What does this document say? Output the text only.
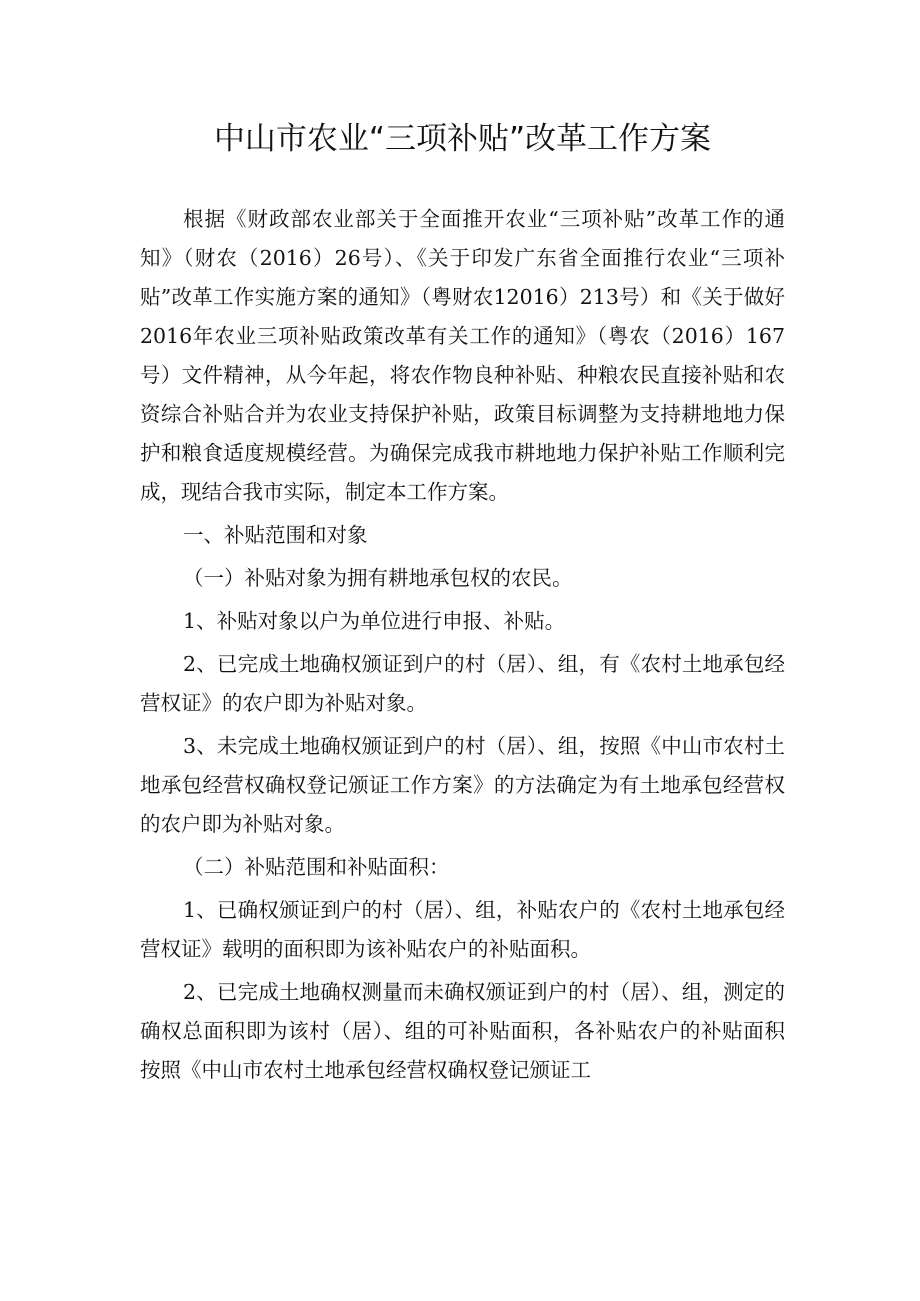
中山市农业“三项补贴”改革工作方案

根据《财政部农业部关于全面推开农业“三项补贴”改革工作的通知》（财农（2016）26号）、《关于印发广东省全面推行农业“三项补贴”改革工作实施方案的通知》（粤财农12016）213号）和《关于做好2016年农业三项补贴政策改革有关工作的通知》（粤农（2016）167号）文件精神，从今年起，将农作物良种补贴、种粮农民直接补贴和农资综合补贴合并为农业支持保护补贴，政策目标调整为支持耕地地力保护和粮食适度规模经营。为确保完成我市耕地地力保护补贴工作顺利完成，现结合我市实际，制定本工作方案。

一、补贴范围和对象

（一）补贴对象为拥有耕地承包权的农民。

1、补贴对象以户为单位进行申报、补贴。

2、已完成土地确权颁证到户的村（居）、组，有《农村土地承包经营权证》的农户即为补贴对象。

3、未完成土地确权颁证到户的村（居）、组，按照《中山市农村土地承包经营权确权登记颁证工作方案》的方法确定为有土地承包经营权的农户即为补贴对象。

（二）补贴范围和补贴面积：

1、已确权颁证到户的村（居）、组，补贴农户的《农村土地承包经营权证》载明的面积即为该补贴农户的补贴面积。

2、已完成土地确权测量而未确权颁证到户的村（居）、组，测定的确权总面积即为该村（居）、组的可补贴面积，各补贴农户的补贴面积按照《中山市农村土地承包经营权确权登记颁证工
